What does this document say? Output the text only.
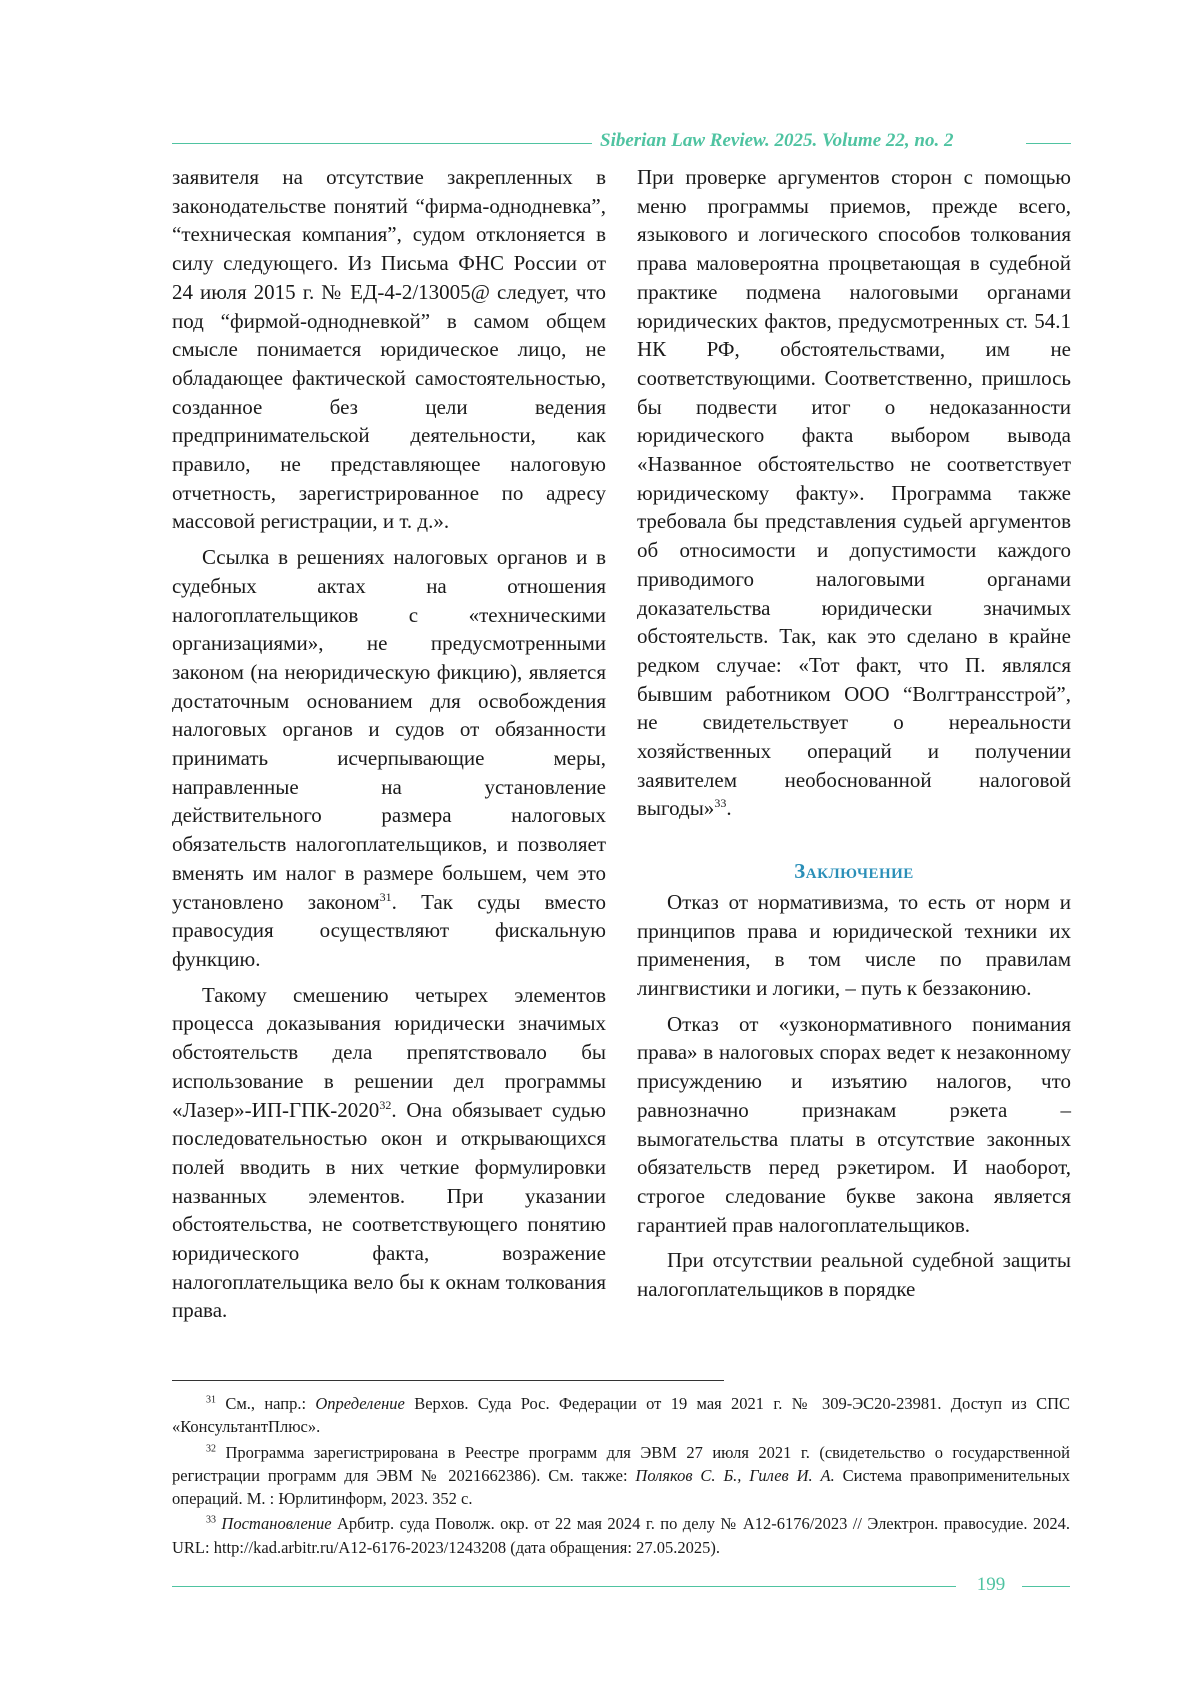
Siberian Law Review. 2025. Volume 22, no. 2

заявителя на отсутствие закрепленных в законодательстве понятий “фирма-однодневка”, “техническая компания”, судом отклоняется в силу следующего. Из Письма ФНС России от 24 июля 2015 г. № ЕД-4-2/13005@ следует, что под “фирмой-однодневкой” в самом общем смысле понимается юридическое лицо, не обладающее фактической самостоятельностью, созданное без цели ведения предпринимательской деятельности, как правило, не представляющее налоговую отчетность, зарегистрированное по адресу массовой регистрации, и т. д.».

Ссылка в решениях налоговых органов и в судебных актах на отношения налогоплательщиков с «техническими организациями», не предусмотренными законом (на неюридическую фикцию), является достаточным основанием для освобождения налоговых органов и судов от обязанности принимать исчерпывающие меры, направленные на установление действительного размера налоговых обязательств налогоплательщиков, и позволяет вменять им налог в размере большем, чем это установлено законом$^{31}$. Так суды вместо правосудия осуществляют фискальную функцию.

Такому смешению четырех элементов процесса доказывания юридически значимых обстоятельств дела препятствовало бы использование в решении дел программы «Лазер»-ИП-ГПК-2020$^{32}$. Она обязывает судью последовательностью окон и открывающихся полей вводить в них четкие формулировки названных элементов. При указании обстоятельства, не соответствующего понятию юридического факта, возражение налогоплательщика вело бы к окнам толкования права.

При проверке аргументов сторон с помощью меню программы приемов, прежде всего, языкового и логического способов толкования права маловероятна процветающая в судебной практике подмена налоговыми органами юридических фактов, предусмотренных ст. 54.1 НК РФ, обстоятельствами, им не соответствующими. Соответственно, пришлось бы подвести итог о недоказанности юридического факта выбором вывода «Названное обстоятельство не соответствует юридическому факту». Программа также требовала бы представления судьей аргументов об относимости и допустимости каждого приводимого налоговыми органами доказательства юридически значимых обстоятельств. Так, как это сделано в крайне редком случае: «Тот факт, что П. являлся бывшим работником ООО “Волгтрансстрой”, не свидетельствует о нереальности хозяйственных операций и получении заявителем необоснованной налоговой выгоды»$^{33}$.

Заключение

Отказ от нормативизма, то есть от норм и принципов права и юридической техники их применения, в том числе по правилам лингвистики и логики, – путь к беззаконию.

Отказ от «узконормативного понимания права» в налоговых спорах ведет к незаконному присуждению и изъятию налогов, что равнозначно признакам рэкета – вымогательства платы в отсутствие законных обязательств перед рэкетиром. И наоборот, строгое следование букве закона является гарантией прав налогоплательщиков.

При отсутствии реальной судебной защиты налогоплательщиков в порядке

$^{31}$ См., напр.: Определение Верхов. Суда Рос. Федерации от 19 мая 2021 г. № 309-ЭС20-23981. Доступ из СПС «КонсультантПлюс».

$^{32}$ Программа зарегистрирована в Реестре программ для ЭВМ 27 июля 2021 г. (свидетельство о государственной регистрации программ для ЭВМ № 2021662386). См. также: Поляков С. Б., Гилев И. А. Система правоприменительных операций. М. : Юрлитинформ, 2023. 352 с.

$^{33}$ Постановление Арбитр. суда Поволж. окр. от 22 мая 2024 г. по делу № А12-6176/2023 // Электрон. правосудие. 2024. URL: http://kad.arbitr.ru/A12-6176-2023/1243208 (дата обращения: 27.05.2025).

199
